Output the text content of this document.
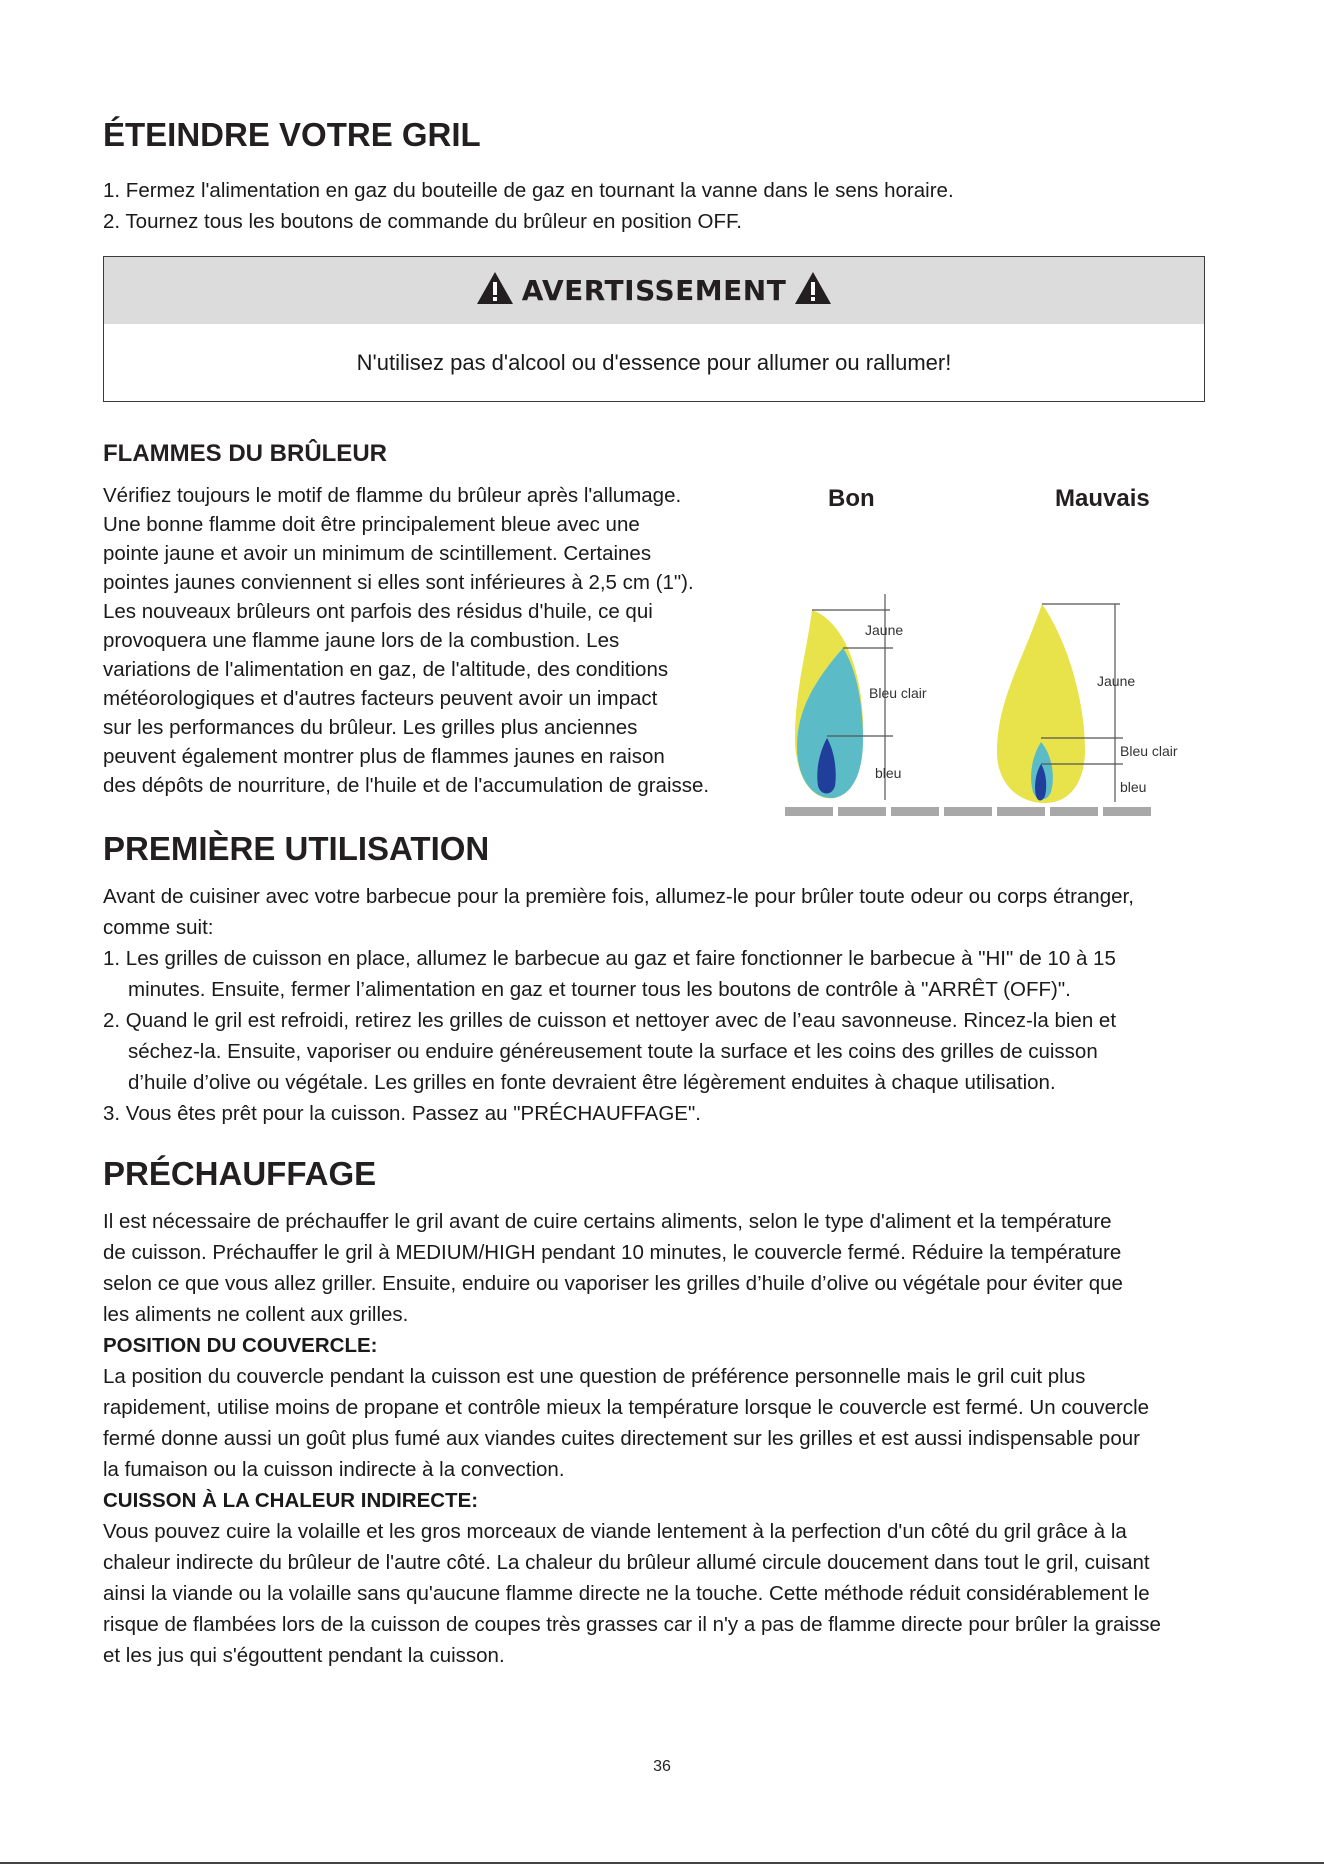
ÉTEINDRE VOTRE GRIL
1. Fermez l'alimentation en gaz du bouteille de gaz en tournant la vanne dans le sens horaire.
2. Tournez tous les boutons de commande du brûleur en position OFF.
AVERTISSEMENT
N'utilisez pas d'alcool ou d'essence pour allumer ou rallumer!
FLAMMES DU BRÛLEUR
Vérifiez toujours le motif de flamme du brûleur après l'allumage.
Une bonne flamme doit être principalement bleue avec une
pointe jaune et avoir un minimum de scintillement. Certaines
pointes jaunes conviennent si elles sont inférieures à 2,5 cm (1").
Les nouveaux brûleurs ont parfois des résidus d'huile, ce qui
provoquera une flamme jaune lors de la combustion. Les
variations de l'alimentation en gaz, de l'altitude, des conditions
météorologiques et d'autres facteurs peuvent avoir un impact
sur les performances du brûleur. Les grilles plus anciennes
peuvent également montrer plus de flammes jaunes en raison
des dépôts de nourriture, de l'huile et de l'accumulation de graisse.
Bon	Mauvais
Jaune
Bleu clair
bleu
Jaune
Bleu clair
bleu
PREMIÈRE UTILISATION
Avant de cuisiner avec votre barbecue pour la première fois, allumez-le pour brûler toute odeur ou corps étranger,
comme suit:
1. Les grilles de cuisson en place, allumez le barbecue au gaz et faire fonctionner le barbecue à "HI" de 10 à 15
minutes. Ensuite, fermer l’alimentation en gaz et tourner tous les boutons de contrôle à "ARRÊT (OFF)".
2. Quand le gril est refroidi, retirez les grilles de cuisson et nettoyer avec de l’eau savonneuse. Rincez-la bien et
séchez-la. Ensuite, vaporiser ou enduire généreusement toute la surface et les coins des grilles de cuisson
d’huile d’olive ou végétale. Les grilles en fonte devraient être légèrement enduites à chaque utilisation.
3. Vous êtes prêt pour la cuisson. Passez au "PRÉCHAUFFAGE".
PRÉCHAUFFAGE
Il est nécessaire de préchauffer le gril avant de cuire certains aliments, selon le type d'aliment et la température
de cuisson. Préchauffer le gril à MEDIUM/HIGH pendant 10 minutes, le couvercle fermé. Réduire la température
selon ce que vous allez griller. Ensuite, enduire ou vaporiser les grilles d’huile d’olive ou végétale pour éviter que
les aliments ne collent aux grilles.
POSITION DU COUVERCLE:
La position du couvercle pendant la cuisson est une question de préférence personnelle mais le gril cuit plus
rapidement, utilise moins de propane et contrôle mieux la température lorsque le couvercle est fermé. Un couvercle
fermé donne aussi un goût plus fumé aux viandes cuites directement sur les grilles et est aussi indispensable pour
la fumaison ou la cuisson indirecte à la convection.
CUISSON À LA CHALEUR INDIRECTE:
Vous pouvez cuire la volaille et les gros morceaux de viande lentement à la perfection d'un côté du gril grâce à la
chaleur indirecte du brûleur de l'autre côté. La chaleur du brûleur allumé circule doucement dans tout le gril, cuisant
ainsi la viande ou la volaille sans qu'aucune flamme directe ne la touche. Cette méthode réduit considérablement le
risque de flambées lors de la cuisson de coupes très grasses car il n'y a pas de flamme directe pour brûler la graisse
et les jus qui s'égouttent pendant la cuisson.
36
